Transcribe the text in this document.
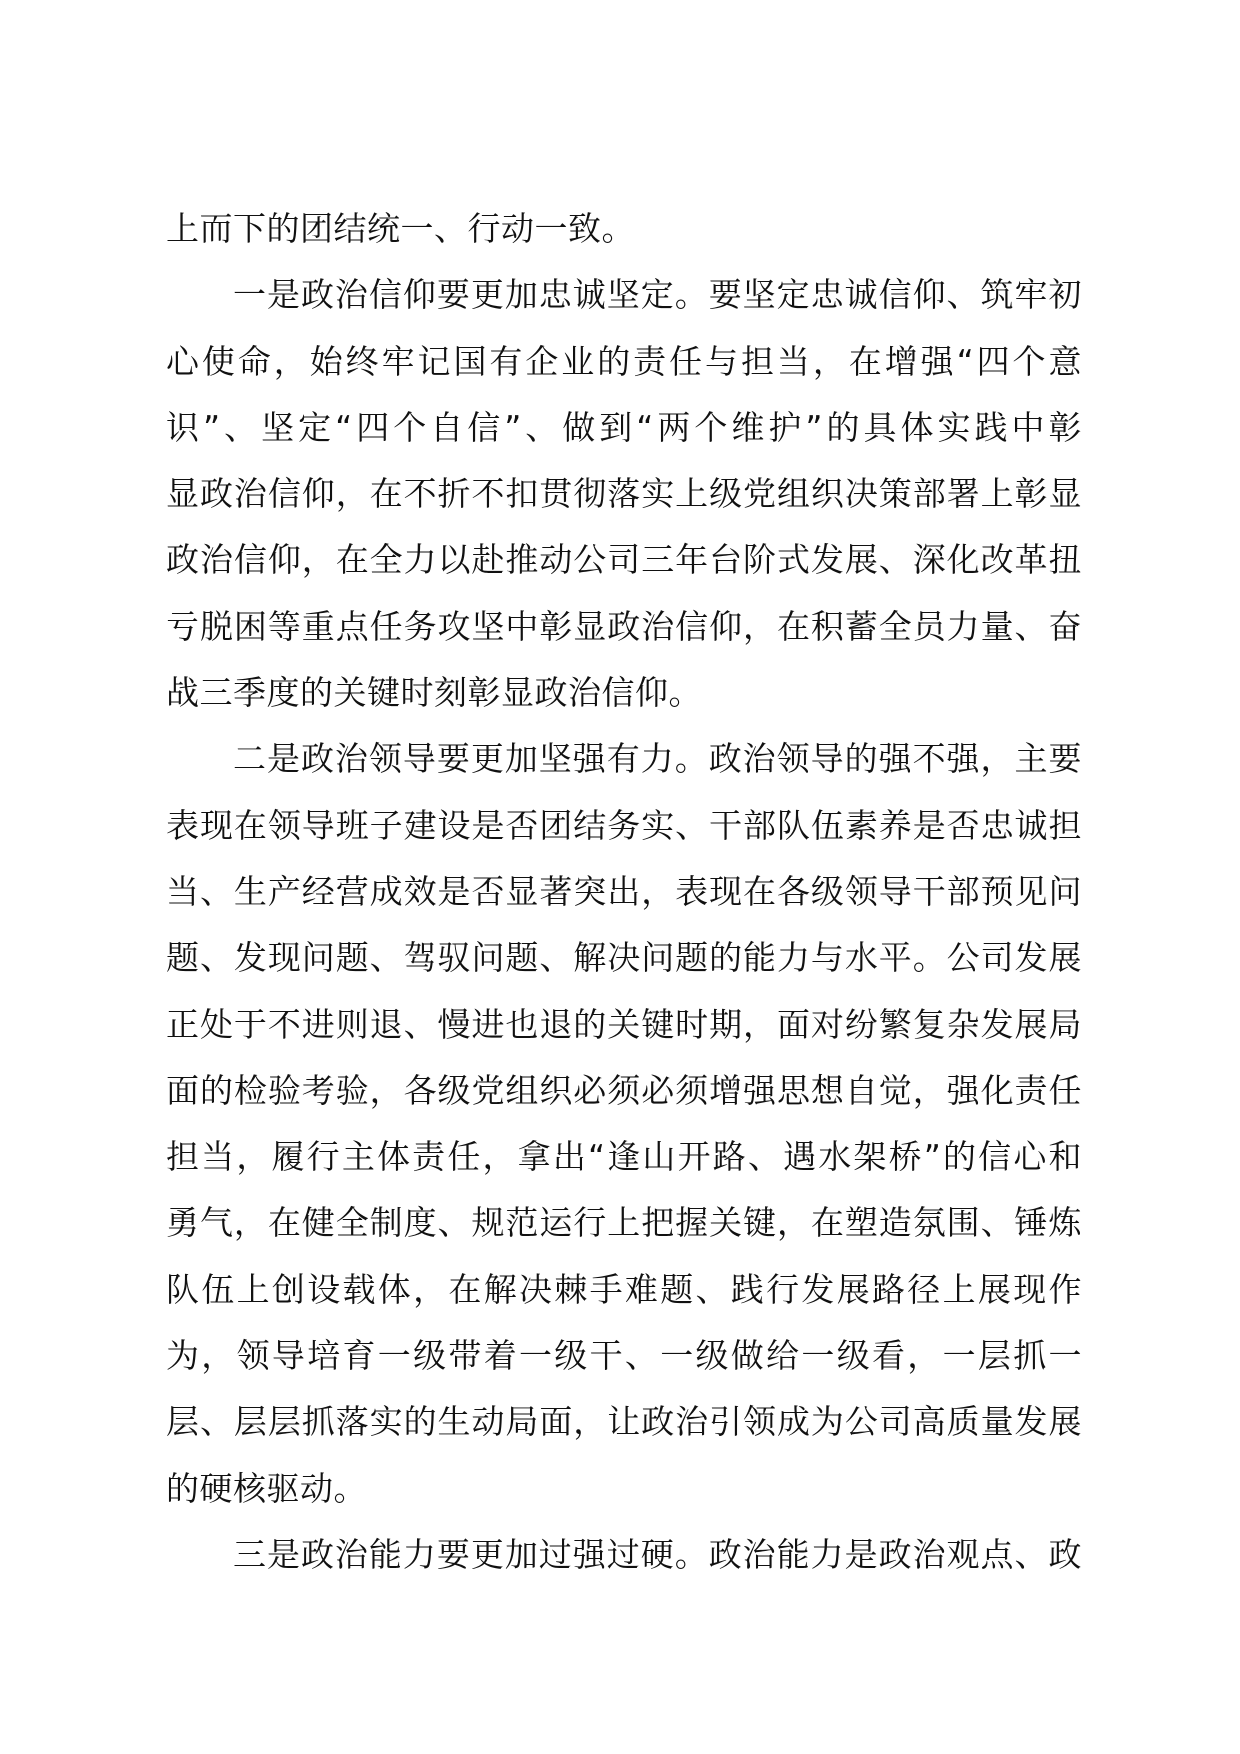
上而下的团结统一、行动一致。
一是政治信仰要更加忠诚坚定。要坚定忠诚信仰、筑牢初
心使命，始终牢记国有企业的责任与担当，在增强“四个意
识”、坚定“四个自信”、做到“两个维护”的具体实践中彰
显政治信仰，在不折不扣贯彻落实上级党组织决策部署上彰显
政治信仰，在全力以赴推动公司三年台阶式发展、深化改革扭
亏脱困等重点任务攻坚中彰显政治信仰，在积蓄全员力量、奋
战三季度的关键时刻彰显政治信仰。
二是政治领导要更加坚强有力。政治领导的强不强，主要
表现在领导班子建设是否团结务实、干部队伍素养是否忠诚担
当、生产经营成效是否显著突出，表现在各级领导干部预见问
题、发现问题、驾驭问题、解决问题的能力与水平。公司发展
正处于不进则退、慢进也退的关键时期，面对纷繁复杂发展局
面的检验考验，各级党组织必须必须增强思想自觉，强化责任
担当，履行主体责任，拿出“逢山开路、遇水架桥”的信心和
勇气，在健全制度、规范运行上把握关键，在塑造氛围、锤炼
队伍上创设载体，在解决棘手难题、践行发展路径上展现作
为，领导培育一级带着一级干、一级做给一级看，一层抓一
层、层层抓落实的生动局面，让政治引领成为公司高质量发展
的硬核驱动。
三是政治能力要更加过强过硬。政治能力是政治观点、政
